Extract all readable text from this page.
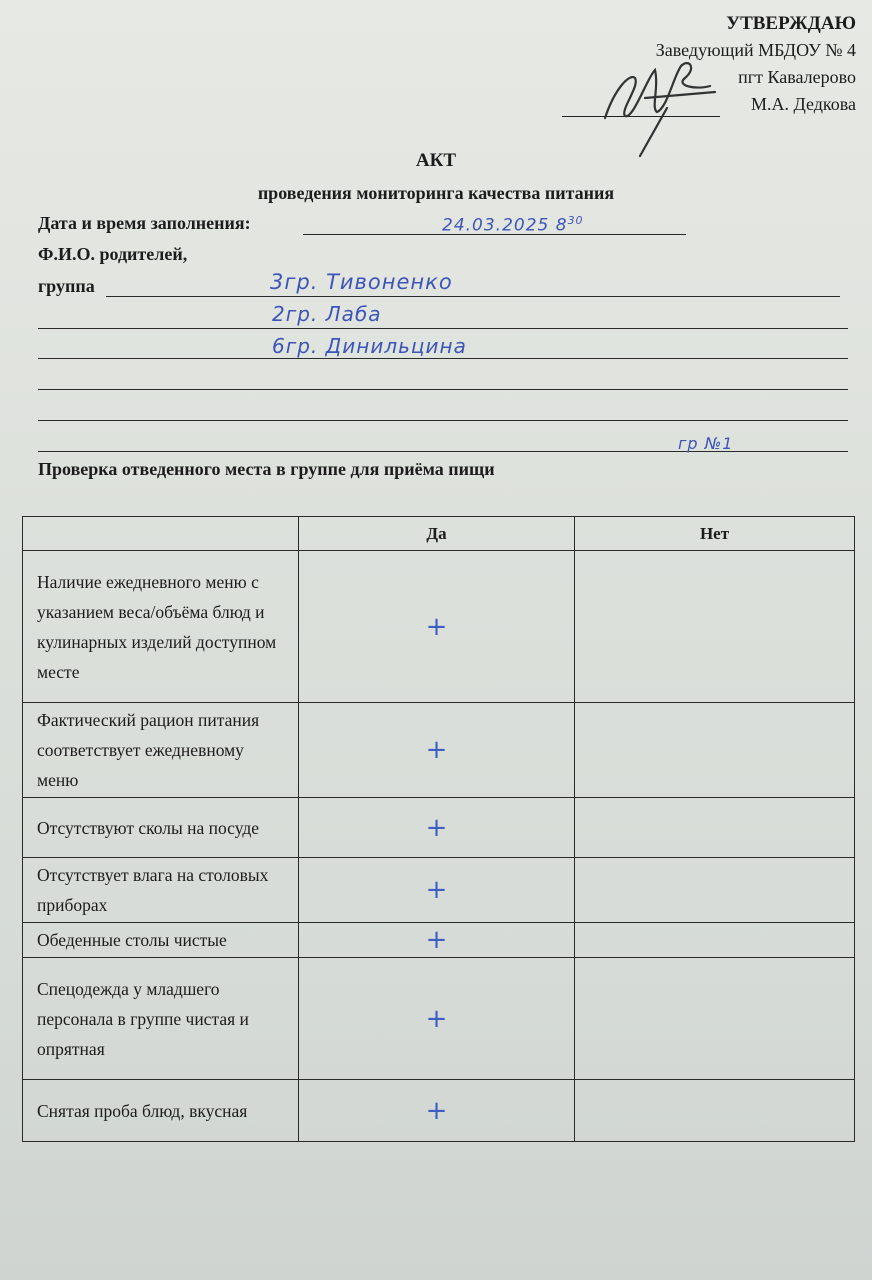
УТВЕРЖДАЮ
Заведующий МБДОУ № 4
пгт Кавалерово
М.А. Дедкова
АКТ
проведения мониторинга качества питания
Дата и время заполнения:	24.03.2025 $8^{30}$
Ф.И.О. родителей,
группа	3гр. Тивоненко
2гр. Лаба
6гр. Динильцина
гр №1
Проверка отведенного места в группе для приёма пищи
	Да	Нет
Наличие ежедневного меню с указанием веса/объёма блюд и кулинарных изделий доступном месте	+	
Фактический рацион питания соответствует ежедневному меню	+	
Отсутствуют сколы на посуде	+	
Отсутствует влага на столовых приборах	+	
Обеденные столы чистые	+	
Спецодежда у младшего персонала в группе чистая и опрятная	+	
Снятая проба блюд, вкусная	+	
